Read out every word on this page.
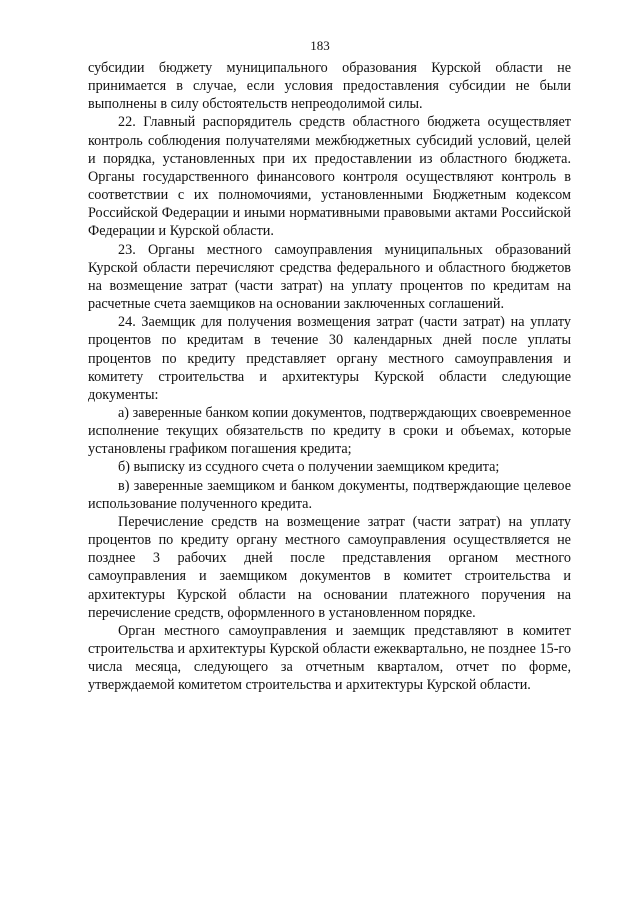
183

субсидии бюджету муниципального образования Курской области не принимается в случае, если условия предоставления субсидии не были выполнены в силу обстоятельств непреодолимой силы.

22. Главный распорядитель средств областного бюджета осуществляет контроль соблюдения получателями межбюджетных субсидий условий, целей и порядка, установленных при их предоставлении из областного бюджета. Органы государственного финансового контроля осуществляют контроль в соответствии с их полномочиями, установленными Бюджетным кодексом Российской Федерации и иными нормативными правовыми актами Российской Федерации и Курской области.

23. Органы местного самоуправления муниципальных образований Курской области перечисляют средства федерального и областного бюджетов на возмещение затрат (части затрат) на уплату процентов по кредитам на расчетные счета заемщиков на основании заключенных соглашений.

24. Заемщик для получения возмещения затрат (части затрат) на уплату процентов по кредитам в течение 30 календарных дней после уплаты процентов по кредиту представляет органу местного самоуправления и комитету строительства и архитектуры Курской области следующие документы:

а) заверенные банком копии документов, подтверждающих своевременное исполнение текущих обязательств по кредиту в сроки и объемах, которые установлены графиком погашения кредита;

б) выписку из ссудного счета о получении заемщиком кредита;

в) заверенные заемщиком и банком документы, подтверждающие целевое использование полученного кредита.

Перечисление средств на возмещение затрат (части затрат) на уплату процентов по кредиту органу местного самоуправления осуществляется не позднее 3 рабочих дней после представления органом местного самоуправления и заемщиком документов в комитет строительства и архитектуры Курской области на основании платежного поручения на перечисление средств, оформленного в установленном порядке.

Орган местного самоуправления и заемщик представляют в комитет строительства и архитектуры Курской области ежеквартально, не позднее 15-го числа месяца, следующего за отчетным кварталом, отчет по форме, утверждаемой комитетом строительства и архитектуры Курской области.
